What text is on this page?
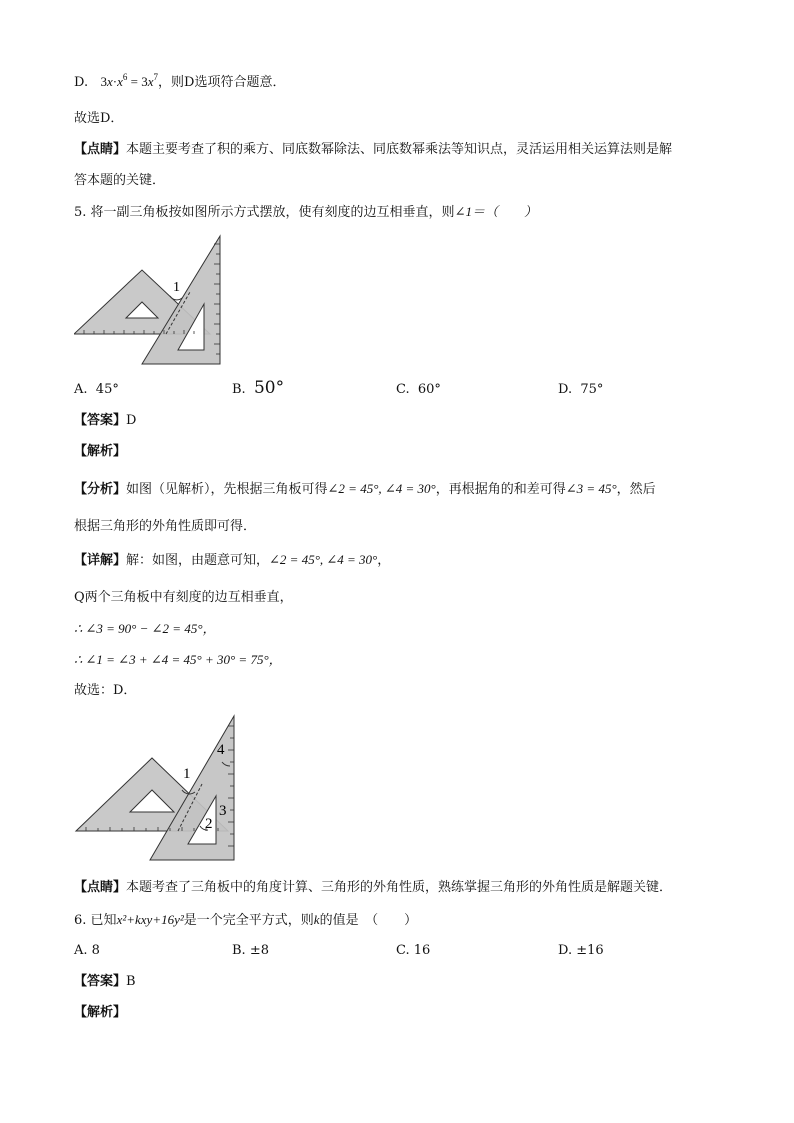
D. $3x\cdot x^6 = 3x^7$，则D选项符合题意．
故选D．
【点睛】本题主要考查了积的乘方、同底数幂除法、同底数幂乘法等知识点，灵活运用相关运算法则是解
答本题的关键．
5. 将一副三角板按如图所示方式摆放，使有刻度的边互相垂直，则∠1＝（　　）
1
A. 45°	B. 50°	C. 60°	D. 75°
【答案】D
【解析】
【分析】如图（见解析），先根据三角板可得∠2 = 45°, ∠4 = 30°，再根据角的和差可得∠3 = 45°，然后
根据三角形的外角性质即可得．
【详解】解：如图，由题意可知，∠2 = 45°, ∠4 = 30°，
Q两个三角板中有刻度的边互相垂直，
∴ ∠3 = 90° − ∠2 = 45°，
∴ ∠1 = ∠3 + ∠4 = 45° + 30° = 75°，
故选：D．
1
2
3
4
【点睛】本题考查了三角板中的角度计算、三角形的外角性质，熟练掌握三角形的外角性质是解题关键．
6. 已知x²+kxy+16y²是一个完全平方式，则k的值是　（　　）
A. 8	B. ±8	C. 16	D. ±16
【答案】B
【解析】
